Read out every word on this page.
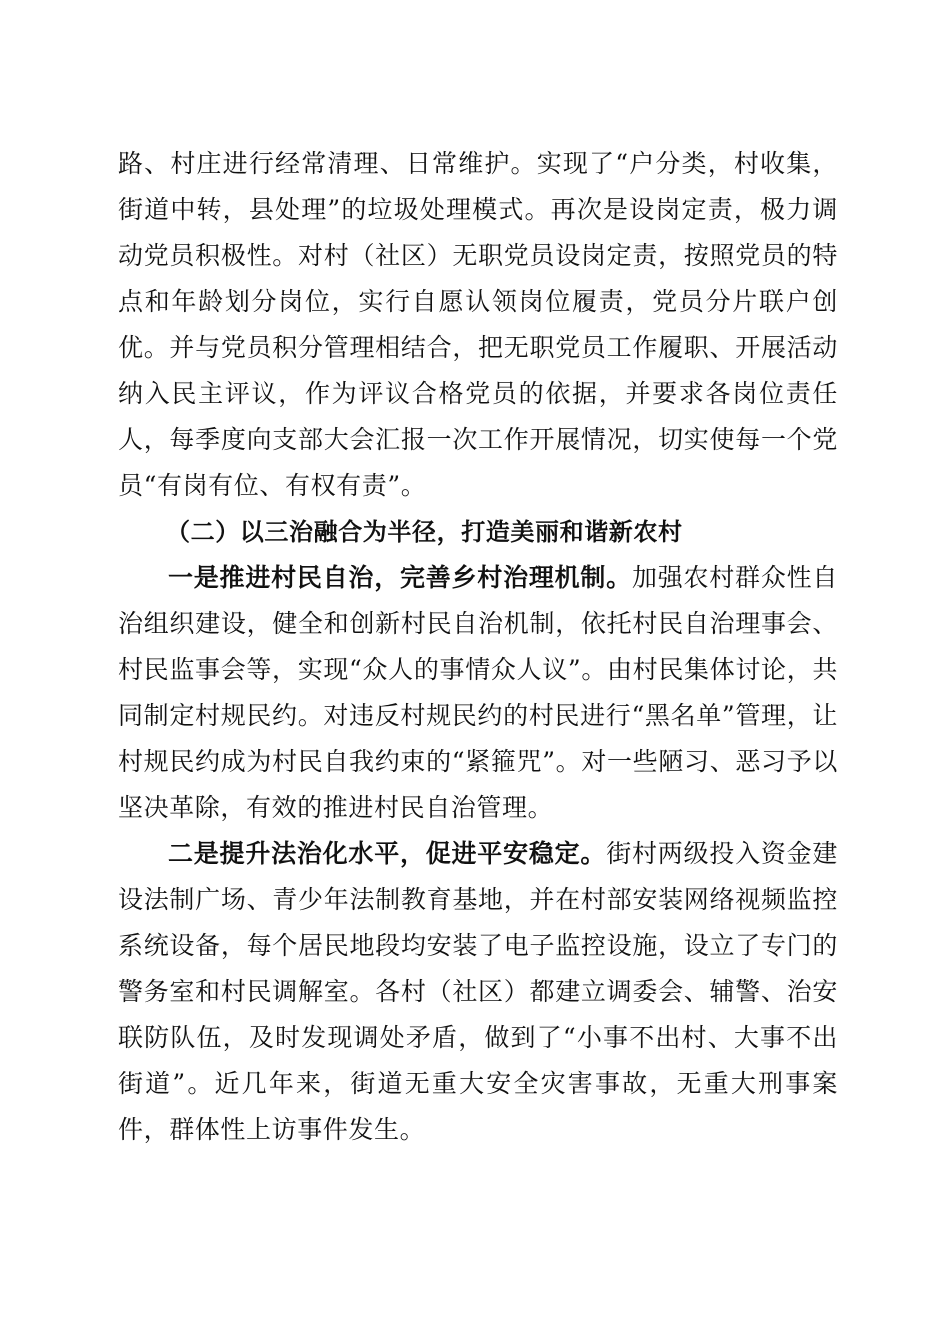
路、村庄进行经常清理、日常维护。实现了“户分类，村收集，街道中转，县处理”的垃圾处理模式。再次是设岗定责，极力调动党员积极性。对村（社区）无职党员设岗定责，按照党员的特点和年龄划分岗位，实行自愿认领岗位履责，党员分片联户创优。并与党员积分管理相结合，把无职党员工作履职、开展活动纳入民主评议，作为评议合格党员的依据，并要求各岗位责任人，每季度向支部大会汇报一次工作开展情况，切实使每一个党员“有岗有位、有权有责”。

（二）以三治融合为半径，打造美丽和谐新农村

一是推进村民自治，完善乡村治理机制。加强农村群众性自治组织建设，健全和创新村民自治机制，依托村民自治理事会、村民监事会等，实现“众人的事情众人议”。由村民集体讨论，共同制定村规民约。对违反村规民约的村民进行“黑名单”管理，让村规民约成为村民自我约束的“紧箍咒”。对一些陋习、恶习予以坚决革除，有效的推进村民自治管理。

二是提升法治化水平，促进平安稳定。街村两级投入资金建设法制广场、青少年法制教育基地，并在村部安装网络视频监控系统设备，每个居民地段均安装了电子监控设施，设立了专门的警务室和村民调解室。各村（社区）都建立调委会、辅警、治安联防队伍，及时发现调处矛盾，做到了“小事不出村、大事不出街道”。近几年来，街道无重大安全灾害事故，无重大刑事案件，群体性上访事件发生。
